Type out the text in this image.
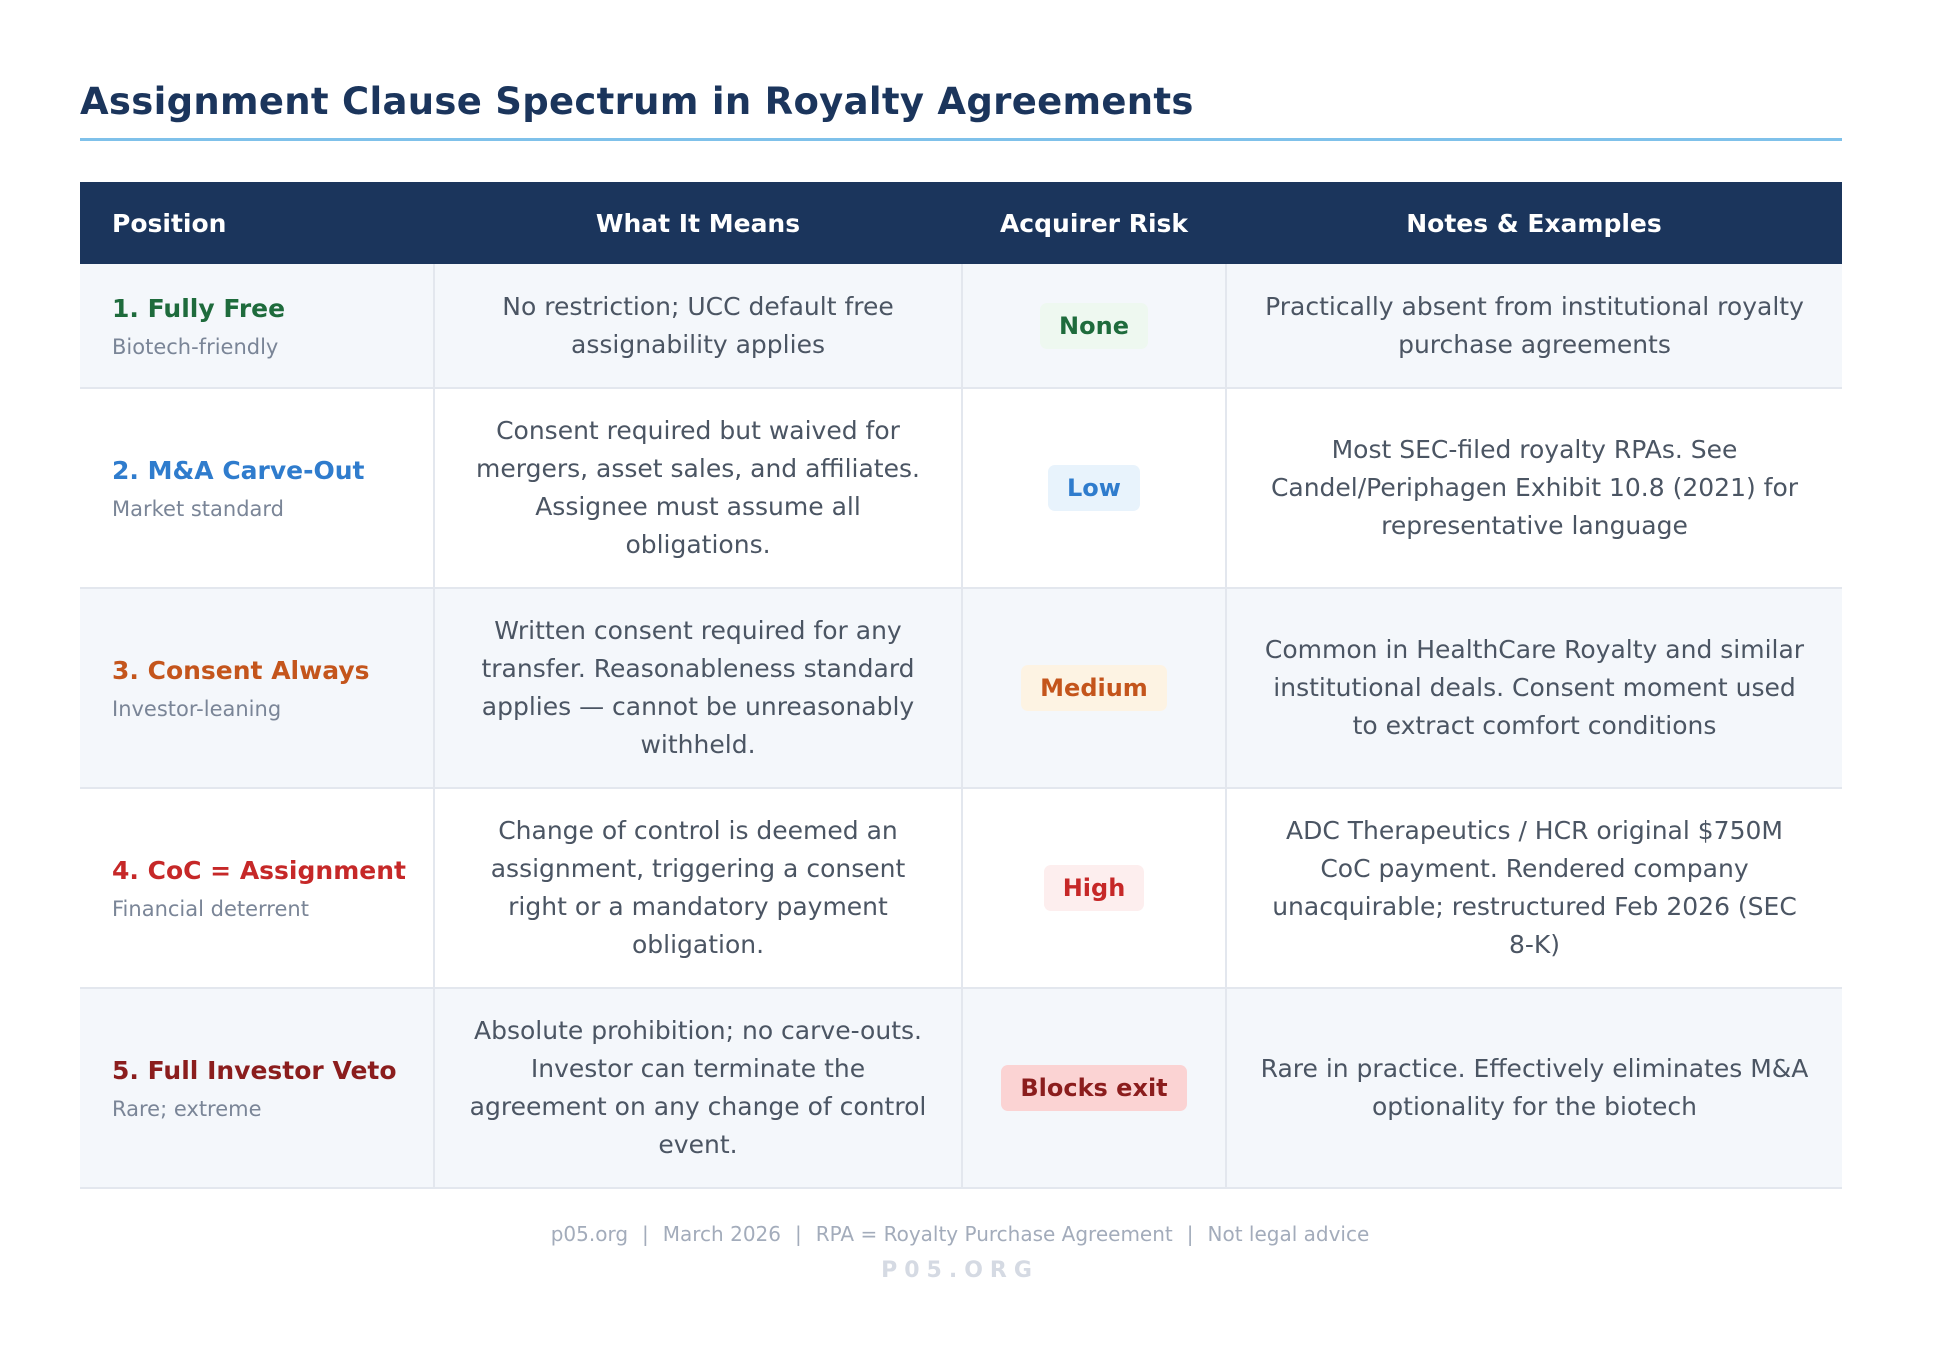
Assignment Clause Spectrum in Royalty Agreements
Position	What It Means	Acquirer Risk	Notes & Examples

1. Fully Free
Biotech-friendly	No restriction; UCC default free assignability applies	None	Practically absent from institutional royalty purchase agreements

2. M&A Carve-Out
Market standard	Consent required but waived for mergers, asset sales, and affiliates. Assignee must assume all obligations.	Low	Most SEC-filed royalty RPAs. See Candel/Periphagen Exhibit 10.8 (2021) for representative language

3. Consent Always
Investor-leaning	Written consent required for any transfer. Reasonableness standard applies — cannot be unreasonably withheld.	Medium	Common in HealthCare Royalty and similar institutional deals. Consent moment used to extract comfort conditions

4. CoC = Assignment
Financial deterrent	Change of control is deemed an assignment, triggering a consent right or a mandatory payment obligation.	High	ADC Therapeutics / HCR original $750M CoC payment. Rendered company unacquirable; restructured Feb 2026 (SEC 8-K)

5. Full Investor Veto
Rare; extreme	Absolute prohibition; no carve-outs. Investor can terminate the agreement on any change of control event.	Blocks exit	Rare in practice. Effectively eliminates M&A optionality for the biotech
p05.org | March 2026 | RPA = Royalty Purchase Agreement | Not legal advice
P05.ORG
